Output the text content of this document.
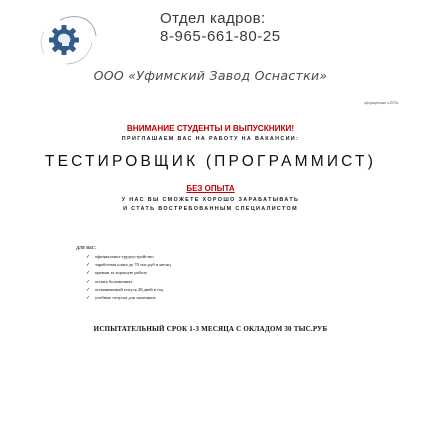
Отдел кадров:
8-965-661-80-25
ООО «Уфимский Завод Оснастки»
сформировано в 2015г.
ВНИМАНИЕ СТУДЕНТЫ И ВЫПУСКНИКИ!
ПРИГЛАШАЕМ ВАС НА РАБОТУ НА ВАКАНСИИ:
ТЕСТИРОВЩИК (ПРОГРАММИСТ)
БЕЗ ОПЫТА
У НАС ВЫ СМОЖЕТЕ ХОРОШО ЗАРАБАТЫВАТЬ
И СТАТЬ ВОСТРЕБОВАННЫМ СПЕЦИАЛИСТОМ
для вас:
✓ официальное трудоустройство
✓ заработная плата до 70 тыс.руб в месяц
✓ премии за хорошую работу
✓ оплата больничных
✓ оплачиваемый отпуск 28 дней в год
✓ учебные отпуска для заочников
ИСПЫТАТЕЛЬНЫЙ СРОК 1-3 МЕСЯЦА С ОКЛАДОМ 30 ТЫС.РУБ
